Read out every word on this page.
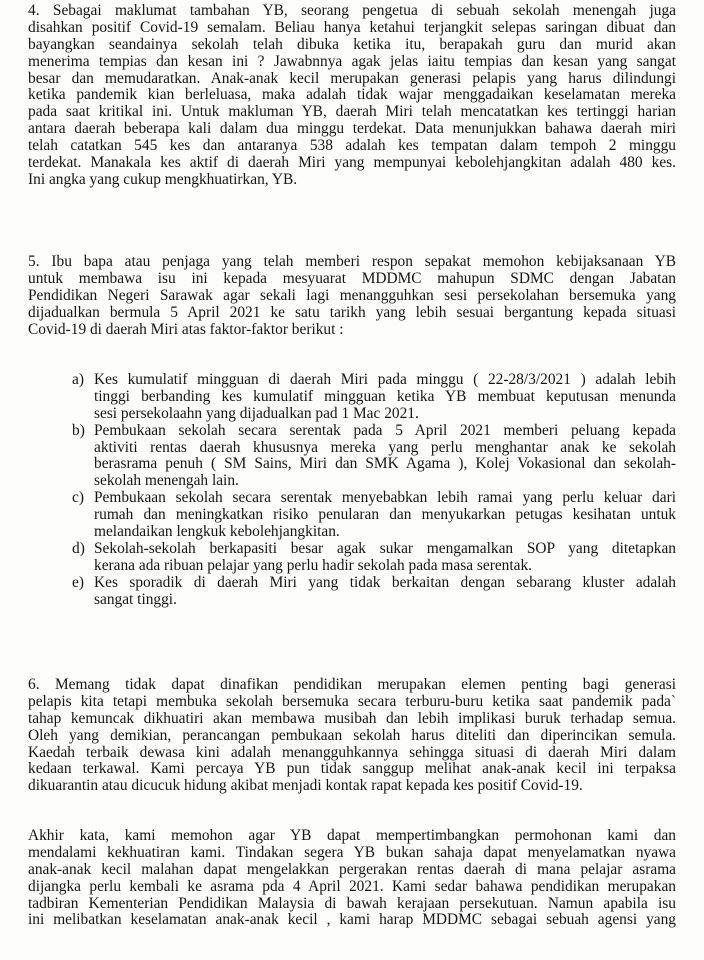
4. Sebagai maklumat tambahan YB, seorang pengetua di sebuah sekolah menengah juga
disahkan positif Covid-19 semalam. Beliau hanya ketahui terjangkit selepas saringan dibuat dan
bayangkan seandainya sekolah telah dibuka ketika itu, berapakah guru dan murid akan
menerima tempias dan kesan ini ? Jawabnnya agak jelas iaitu tempias dan kesan yang sangat
besar dan memudaratkan. Anak-anak kecil merupakan generasi pelapis yang harus dilindungi
ketika pandemik kian berleluasa, maka adalah tidak wajar menggadaikan keselamatan mereka
pada saat kritikal ini. Untuk makluman YB, daerah Miri telah mencatatkan kes tertinggi harian
antara daerah beberapa kali dalam dua minggu terdekat. Data menunjukkan bahawa daerah miri
telah catatkan 545 kes dan antaranya 538 adalah kes tempatan dalam tempoh 2 minggu
terdekat. Manakala kes aktif di daerah Miri yang mempunyai kebolehjangkitan adalah 480 kes.
Ini angka yang cukup mengkhuatirkan, YB.
5. Ibu bapa atau penjaga yang telah memberi respon sepakat memohon kebijaksanaan YB
untuk membawa isu ini kepada mesyuarat MDDMC mahupun SDMC dengan Jabatan
Pendidikan Negeri Sarawak agar sekali lagi menangguhkan sesi persekolahan bersemuka yang
dijadualkan bermula 5 April 2021 ke satu tarikh yang lebih sesuai bergantung kepada situasi
Covid-19 di daerah Miri atas faktor-faktor berikut :
a) Kes kumulatif mingguan di daerah Miri pada minggu ( 22-28/3/2021 ) adalah lebih
tinggi berbanding kes kumulatif mingguan ketika YB membuat keputusan menunda
sesi persekolaahn yang dijadualkan pad 1 Mac 2021.
b) Pembukaan sekolah secara serentak pada 5 April 2021 memberi peluang kepada
aktiviti rentas daerah khususnya mereka yang perlu menghantar anak ke sekolah
berasrama penuh ( SM Sains, Miri dan SMK Agama ), Kolej Vokasional dan sekolah-
sekolah menengah lain.
c) Pembukaan sekolah secara serentak menyebabkan lebih ramai yang perlu keluar dari
rumah dan meningkatkan risiko penularan dan menyukarkan petugas kesihatan untuk
melandaikan lengkuk kebolehjangkitan.
d) Sekolah-sekolah berkapasiti besar agak sukar mengamalkan SOP yang ditetapkan
kerana ada ribuan pelajar yang perlu hadir sekolah pada masa serentak.
e) Kes sporadik di daerah Miri yang tidak berkaitan dengan sebarang kluster adalah
sangat tinggi.
6. Memang tidak dapat dinafikan pendidikan merupakan elemen penting bagi generasi
pelapis kita tetapi membuka sekolah bersemuka secara terburu-buru ketika saat pandemik pada`
tahap kemuncak dikhuatiri akan membawa musibah dan lebih implikasi buruk terhadap semua.
Oleh yang demikian, perancangan pembukaan sekolah harus diteliti dan diperincikan semula.
Kaedah terbaik dewasa kini adalah menangguhkannya sehingga situasi di daerah Miri dalam
kedaan terkawal. Kami percaya YB pun tidak sanggup melihat anak-anak kecil ini terpaksa
dikuarantin atau dicucuk hidung akibat menjadi kontak rapat kepada kes positif Covid-19.
Akhir kata, kami memohon agar YB dapat mempertimbangkan permohonan kami dan
mendalami kekhuatiran kami. Tindakan segera YB bukan sahaja dapat menyelamatkan nyawa
anak-anak kecil malahan dapat mengelakkan pergerakan rentas daerah di mana pelajar asrama
dijangka perlu kembali ke asrama pda 4 April 2021. Kami sedar bahawa pendidikan merupakan
tadbiran Kementerian Pendidikan Malaysia di bawah kerajaan persekutuan. Namun apabila isu
ini melibatkan keselamatan anak-anak kecil , kami harap MDDMC sebagai sebuah agensi yang
